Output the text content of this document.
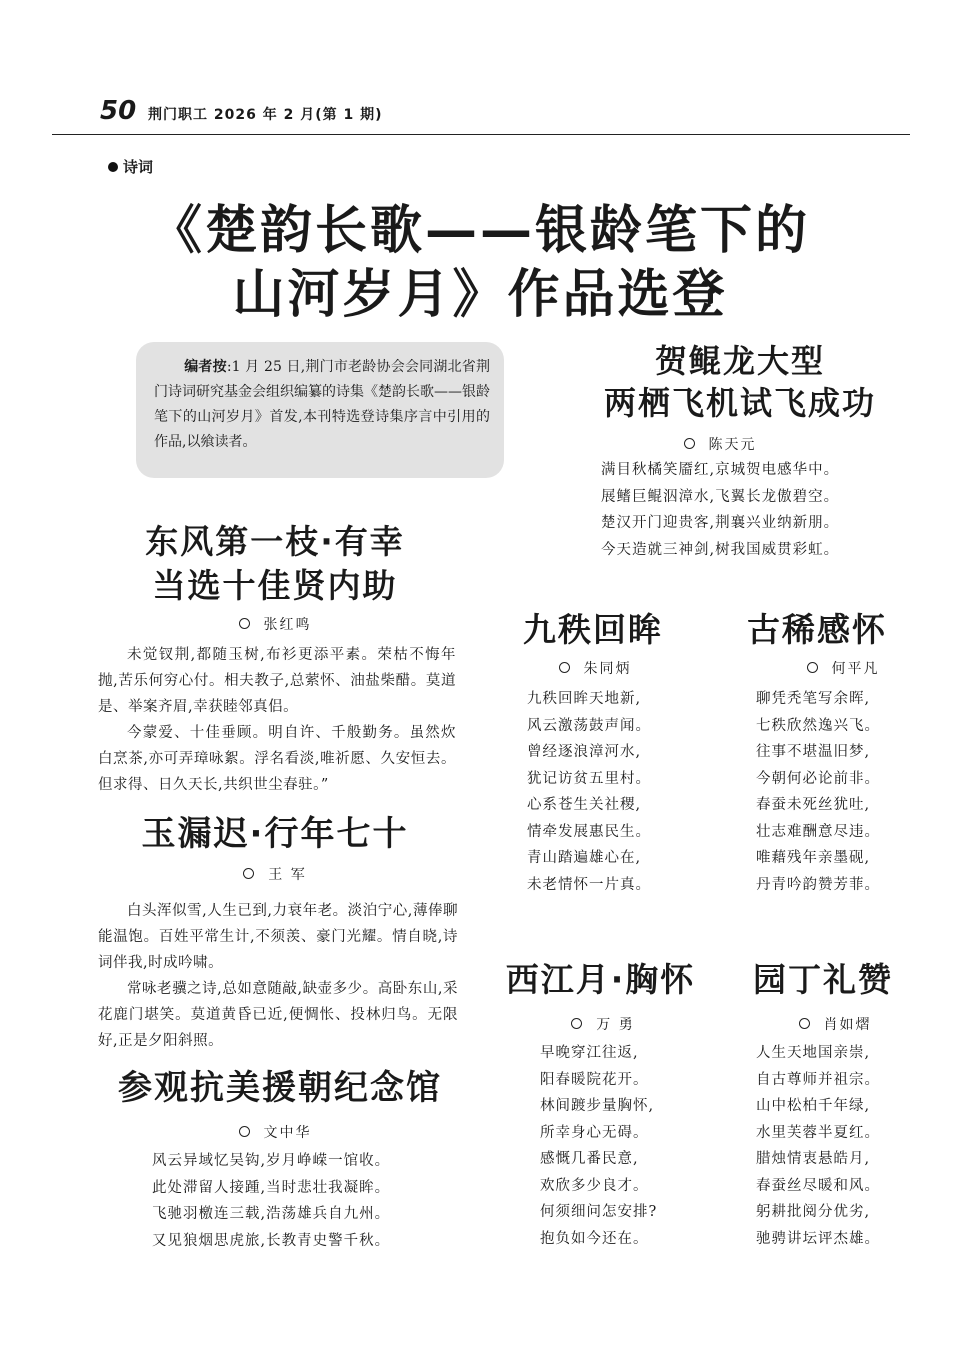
50 荆门职工 2026 年 2 月(第 1 期)
诗词
《楚韵长歌——银龄笔下的
山河岁月》作品选登
编者按:1 月 25 日,荆门市老龄协会会同湖北省荆门诗词研究基金会组织编纂的诗集《楚韵长歌——银龄笔下的山河岁月》首发,本刊特选登诗集序言中引用的作品,以飨读者。
贺鲲龙大型
两栖飞机试飞成功
陈天元
满目秋橘笑靥红,京城贺电感华中。
展鳍巨鲲泅漳水,飞翼长龙傲碧空。
楚汉开门迎贵客,荆襄兴业纳新朋。
今天造就三神剑,树我国威贯彩虹。
东风第一枝·有幸
当选十佳贤内助
张红鸣

未觉钗荆,都随玉树,布衫更添平素。荣枯不悔年抛,苦乐何穷心付。相夫教子,总萦怀、油盐柴醋。莫道是、举案齐眉,幸获睦邻真侣。

今蒙爱、十佳垂顾。明自许、千般勤务。虽然炊白烹茶,亦可弄璋咏絮。浮名看淡,唯祈愿、久安恒去。但求得、日久天长,共织世尘春驻。”

玉漏迟·行年七十
王 军

白头浑似雪,人生已到,力衰年老。淡泊宁心,薄俸聊能温饱。百姓平常生计,不须羡、豪门光耀。情自晓,诗词伴我,时成吟啸。

常咏老骥之诗,总如意随敲,缺壶多少。高卧东山,采花鹿门堪笑。莫道黄昏已近,便惆怅、投林归鸟。无限好,正是夕阳斜照。

参观抗美援朝纪念馆
文中华
风云异域忆吴钩,岁月峥嵘一馆收。
此处滞留人接踵,当时悲壮我凝眸。
飞驰羽檄连三载,浩荡雄兵自九州。
又见狼烟思虎旅,长教青史警千秋。
九秩回眸
朱同炳
九秩回眸天地新,
风云激荡鼓声闻。
曾经逐浪漳河水,
犹记访贫五里村。
心系苍生关社稷,
情牵发展惠民生。
青山踏遍雄心在,
未老情怀一片真。
古稀感怀
何平凡
聊凭秃笔写余晖,
七秩欣然逸兴飞。
往事不堪温旧梦,
今朝何必论前非。
春蚕未死丝犹吐,
壮志难酬意尽违。
唯藉残年亲墨砚,
丹青吟韵赞芳菲。
西江月·胸怀
万 勇
早晚穿江往返,
阳春暖院花开。
林间踱步量胸怀,
所幸身心无碍。
感慨几番民意,
欢欣多少良才。
何须细问怎安排?
抱负如今还在。
园丁礼赞
肖如熠
人生天地国亲崇,
自古尊师并祖宗。
山中松柏千年绿,
水里芙蓉半夏红。
腊烛情衷悬皓月,
春蚕丝尽暖和风。
躬耕批阅分优劣,
驰骋讲坛评杰雄。
